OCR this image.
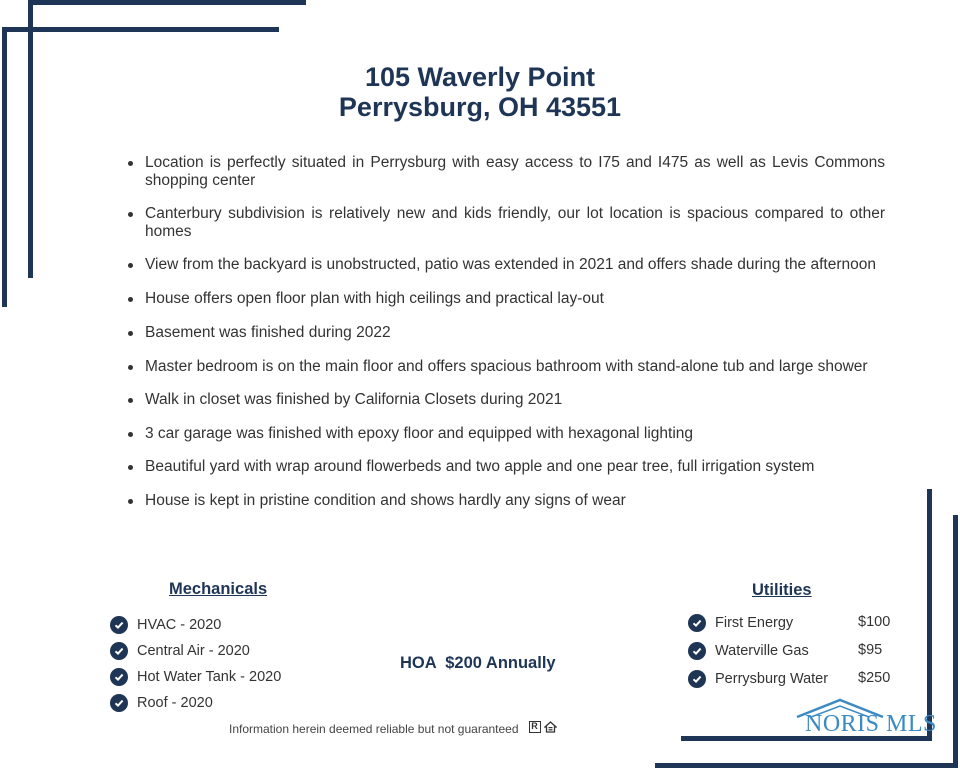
105 Waverly Point
Perrysburg, OH 43551
Location is perfectly situated in Perrysburg with easy access to I75 and I475 as well as Levis Commons shopping center
Canterbury subdivision is relatively new and kids friendly, our lot location is spacious compared to other homes
View from the backyard is unobstructed, patio was extended in 2021 and offers shade during the afternoon
House offers open floor plan with high ceilings and practical lay-out
Basement was finished during 2022
Master bedroom is on the main floor and offers spacious bathroom with stand-alone tub and large shower
Walk in closet was finished by California Closets during 2021
3 car garage was finished with epoxy floor and equipped with hexagonal lighting
Beautiful yard with wrap around flowerbeds and two apple and one pear tree, full irrigation system
House is kept in pristine condition and shows hardly any signs of wear
Mechanicals
HVAC - 2020
Central Air - 2020
Hot Water Tank - 2020
Roof - 2020
HOA  $200 Annually
Utilities
First Energy	$100
Waterville Gas	$95
Perrysburg Water $250
Information herein deemed reliable but not guaranteed	R	NORIS MLS
